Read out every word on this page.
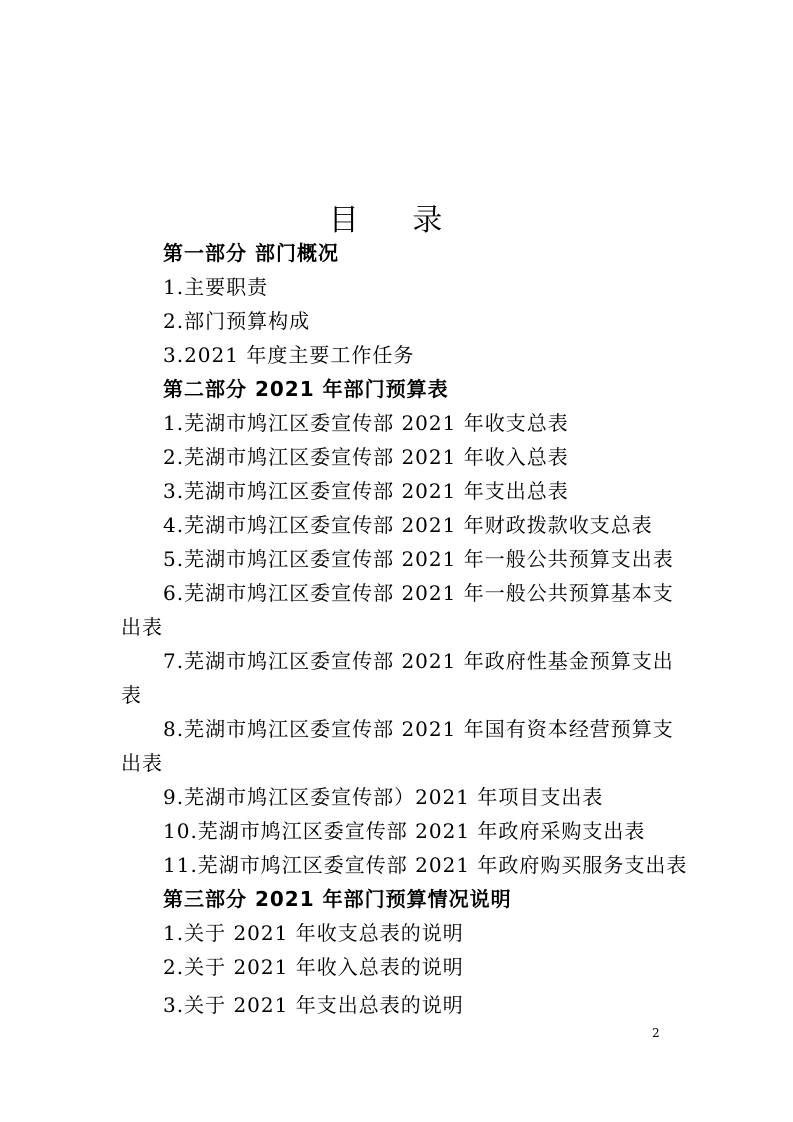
目 录
第一部分 部门概况
1.主要职责
2.部门预算构成
3.2021 年度主要工作任务
第二部分 2021 年部门预算表
1.芜湖市鸠江区委宣传部 2021 年收支总表
2.芜湖市鸠江区委宣传部 2021 年收入总表
3.芜湖市鸠江区委宣传部 2021 年支出总表
4.芜湖市鸠江区委宣传部 2021 年财政拨款收支总表
5.芜湖市鸠江区委宣传部 2021 年一般公共预算支出表
6.芜湖市鸠江区委宣传部 2021 年一般公共预算基本支
出表
7.芜湖市鸠江区委宣传部 2021 年政府性基金预算支出
表
8.芜湖市鸠江区委宣传部 2021 年国有资本经营预算支
出表
9.芜湖市鸠江区委宣传部）2021 年项目支出表
10.芜湖市鸠江区委宣传部 2021 年政府采购支出表
11.芜湖市鸠江区委宣传部 2021 年政府购买服务支出表
第三部分 2021 年部门预算情况说明
1.关于 2021 年收支总表的说明
2.关于 2021 年收入总表的说明
3.关于 2021 年支出总表的说明
2
